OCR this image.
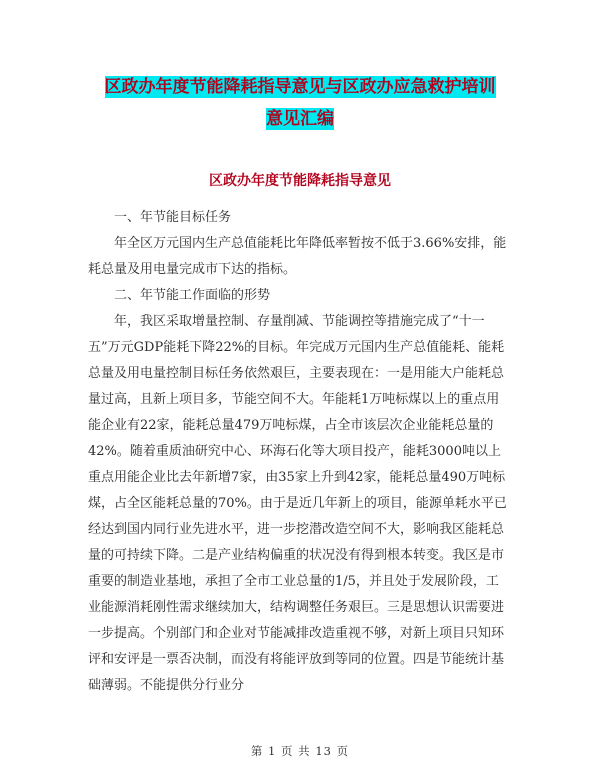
区政办年度节能降耗指导意见与区政办应急救护培训
意见汇编
区政办年度节能降耗指导意见

一、年节能目标任务

年全区万元国内生产总值能耗比年降低率暂按不低于3.66%安排，能耗总量及用电量完成市下达的指标。

二、年节能工作面临的形势

年，我区采取增量控制、存量削减、节能调控等措施完成了“十一五”万元GDP能耗下降22%的目标。年完成万元国内生产总值能耗、能耗总量及用电量控制目标任务依然艰巨，主要表现在：一是用能大户能耗总量过高，且新上项目多，节能空间不大。年能耗1万吨标煤以上的重点用能企业有22家，能耗总量479万吨标煤，占全市该层次企业能耗总量的42%。随着重质油研究中心、环海石化等大项目投产，能耗3000吨以上重点用能企业比去年新增7家，由35家上升到42家，能耗总量490万吨标煤，占全区能耗总量的70%。由于是近几年新上的项目，能源单耗水平已经达到国内同行业先进水平，进一步挖潜改造空间不大，影响我区能耗总量的可持续下降。二是产业结构偏重的状况没有得到根本转变。我区是市重要的制造业基地，承担了全市工业总量的1/5，并且处于发展阶段，工业能源消耗刚性需求继续加大，结构调整任务艰巨。三是思想认识需要进一步提高。个别部门和企业对节能减排改造重视不够，对新上项目只知环评和安评是一票否决制，而没有将能评放到等同的位置。四是节能统计基础薄弱。不能提供分行业分

第 1 页 共 13 页
